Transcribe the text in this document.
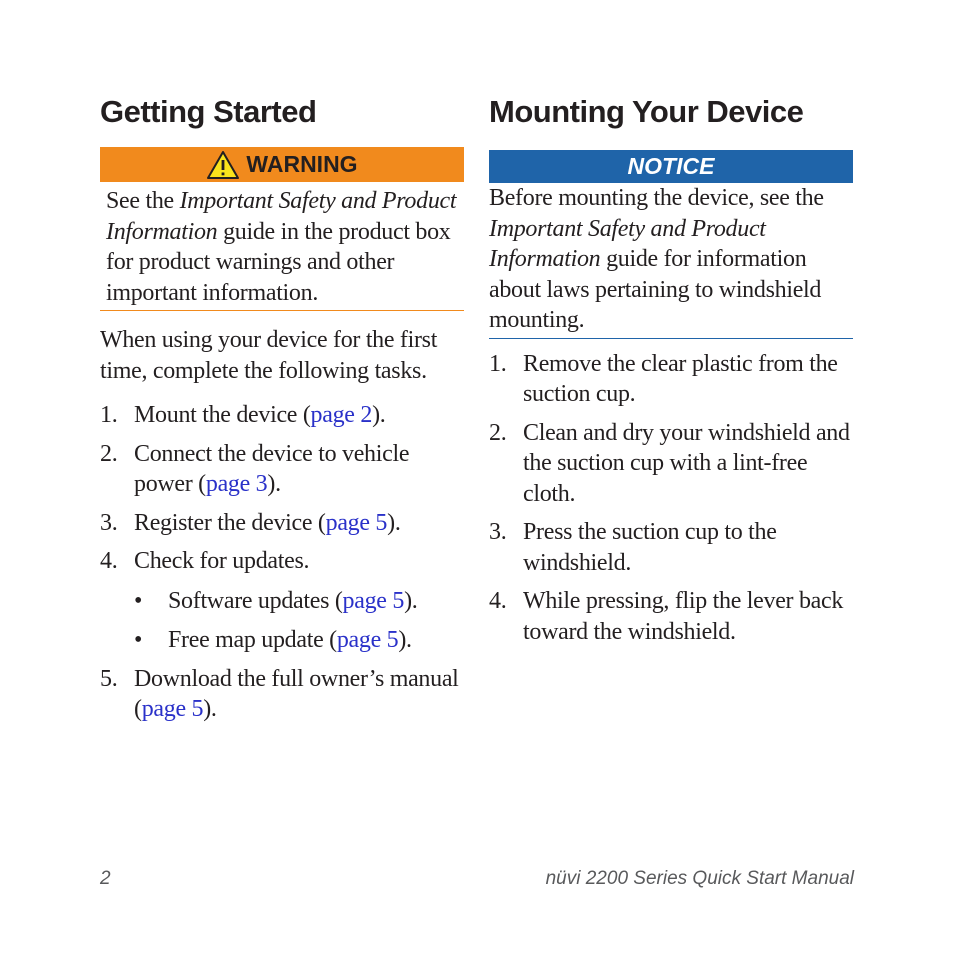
Getting Started
WARNING
See the Important Safety and Product Information guide in the product box for product warnings and other important information.

When using your device for the first time, complete the following tasks.

1. Mount the device (page 2).
2. Connect the device to vehicle power (page 3).
3. Register the device (page 5).
4. Check for updates.
•	Software updates (page 5).
•	Free map update (page 5).
5. Download the full owner’s manual (page 5).
Mounting Your Device
NOTICE
Before mounting the device, see the Important Safety and Product Information guide for information about laws pertaining to windshield mounting.
1. Remove the clear plastic from the suction cup.
2. Clean and dry your windshield and the suction cup with a lint-free cloth.
3. Press the suction cup to the windshield.
4. While pressing, flip the lever back toward the windshield.
2	nüvi 2200 Series Quick Start Manual
